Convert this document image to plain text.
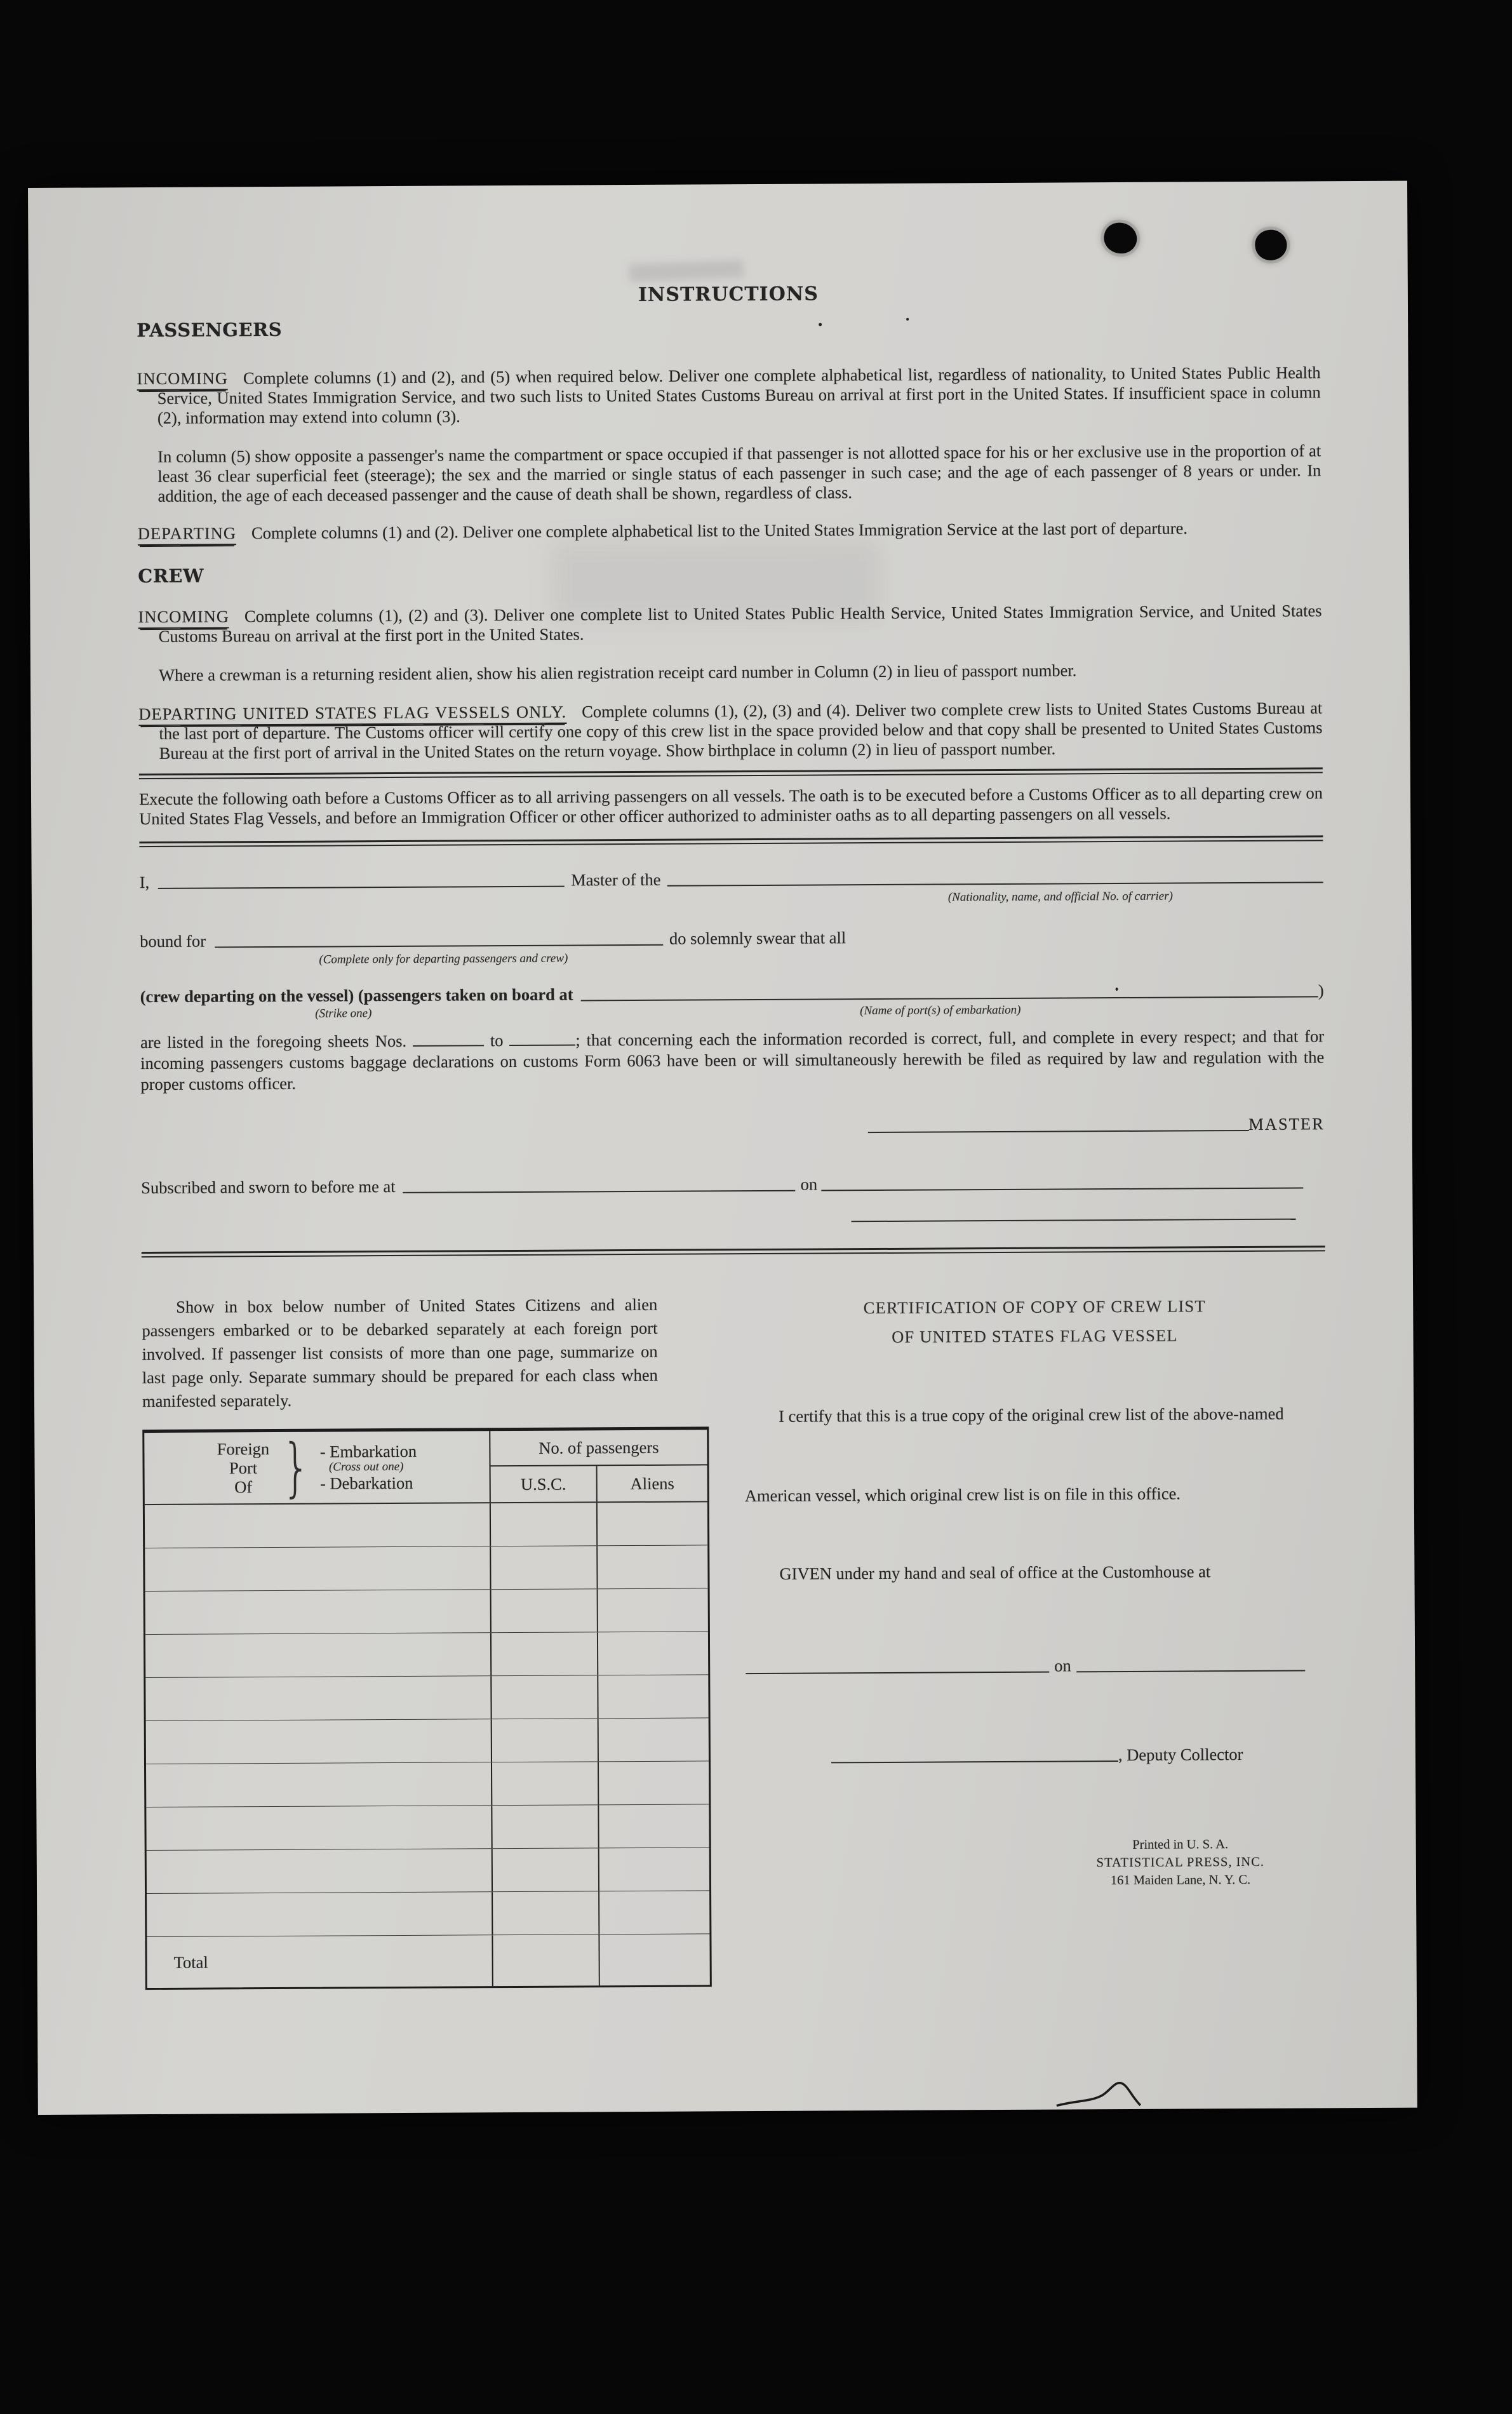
INSTRUCTIONS
PASSENGERS

INCOMING Complete columns (1) and (2), and (5) when required below. Deliver one complete alphabetical list, regardless of nationality, to United States Public Health Service, United States Immigration Service, and two such lists to United States Customs Bureau on arrival at first port in the United States. If insufficient space in column (2), information may extend into column (3).

In column (5) show opposite a passenger's name the compartment or space occupied if that passenger is not allotted space for his or her exclusive use in the proportion of at least 36 clear superficial feet (steerage); the sex and the married or single status of each passenger in such case; and the age of each passenger of 8 years or under. In addition, the age of each deceased passenger and the cause of death shall be shown, regardless of class.

DEPARTING Complete columns (1) and (2). Deliver one complete alphabetical list to the United States Immigration Service at the last port of departure.

CREW

INCOMING Complete columns (1), (2) and (3). Deliver one complete list to United States Public Health Service, United States Immigration Service, and United States Customs Bureau on arrival at the first port in the United States.

Where a crewman is a returning resident alien, show his alien registration receipt card number in Column (2) in lieu of passport number.

DEPARTING UNITED STATES FLAG VESSELS ONLY. Complete columns (1), (2), (3) and (4). Deliver two complete crew lists to United States Customs Bureau at the last port of departure. The Customs officer will certify one copy of this crew list in the space provided below and that copy shall be presented to United States Customs Bureau at the first port of arrival in the United States on the return voyage. Show birthplace in column (2) in lieu of passport number.

Execute the following oath before a Customs Officer as to all arriving passengers on all vessels. The oath is to be executed before a Customs Officer as to all departing crew on United States Flag Vessels, and before an Immigration Officer or other officer authorized to administer oaths as to all departing passengers on all vessels.

I,	Master of the
(Nationality, name, and official No. of carrier)
bound for	do solemnly swear that all
(Complete only for departing passengers and crew)
(crew departing on the vessel) (passengers taken on board at	)
(Strike one)	(Name of port(s) of embarkation)

are listed in the foregoing sheets Nos.	to	; that concerning each the information recorded is correct, full, and complete in every respect; and that for incoming passengers customs baggage declarations on customs Form 6063 have been or will simultaneously herewith be filed as required by law and regulation with the proper customs officer.

MASTER
Subscribed and sworn to before me at	on

Show in box below number of United States Citizens and alien passengers embarked or to be debarked separately at each foreign port involved. If passenger list consists of more than one page, summarize on last page only. Separate summary should be prepared for each class when manifested separately.

Foreign
Port
Of } - Embarkation
(Cross out one)
- Debarkation
No. of passengers
U.S.C.	Aliens
Total
CERTIFICATION OF COPY OF CREW LIST
OF UNITED STATES FLAG VESSEL

I certify that this is a true copy of the original crew list of the above-named

American vessel, which original crew list is on file in this office.

GIVEN under my hand and seal of office at the Customhouse at

on
, Deputy Collector
Printed in U. S. A.
STATISTICAL PRESS, INC.
161 Maiden Lane, N. Y. C.
